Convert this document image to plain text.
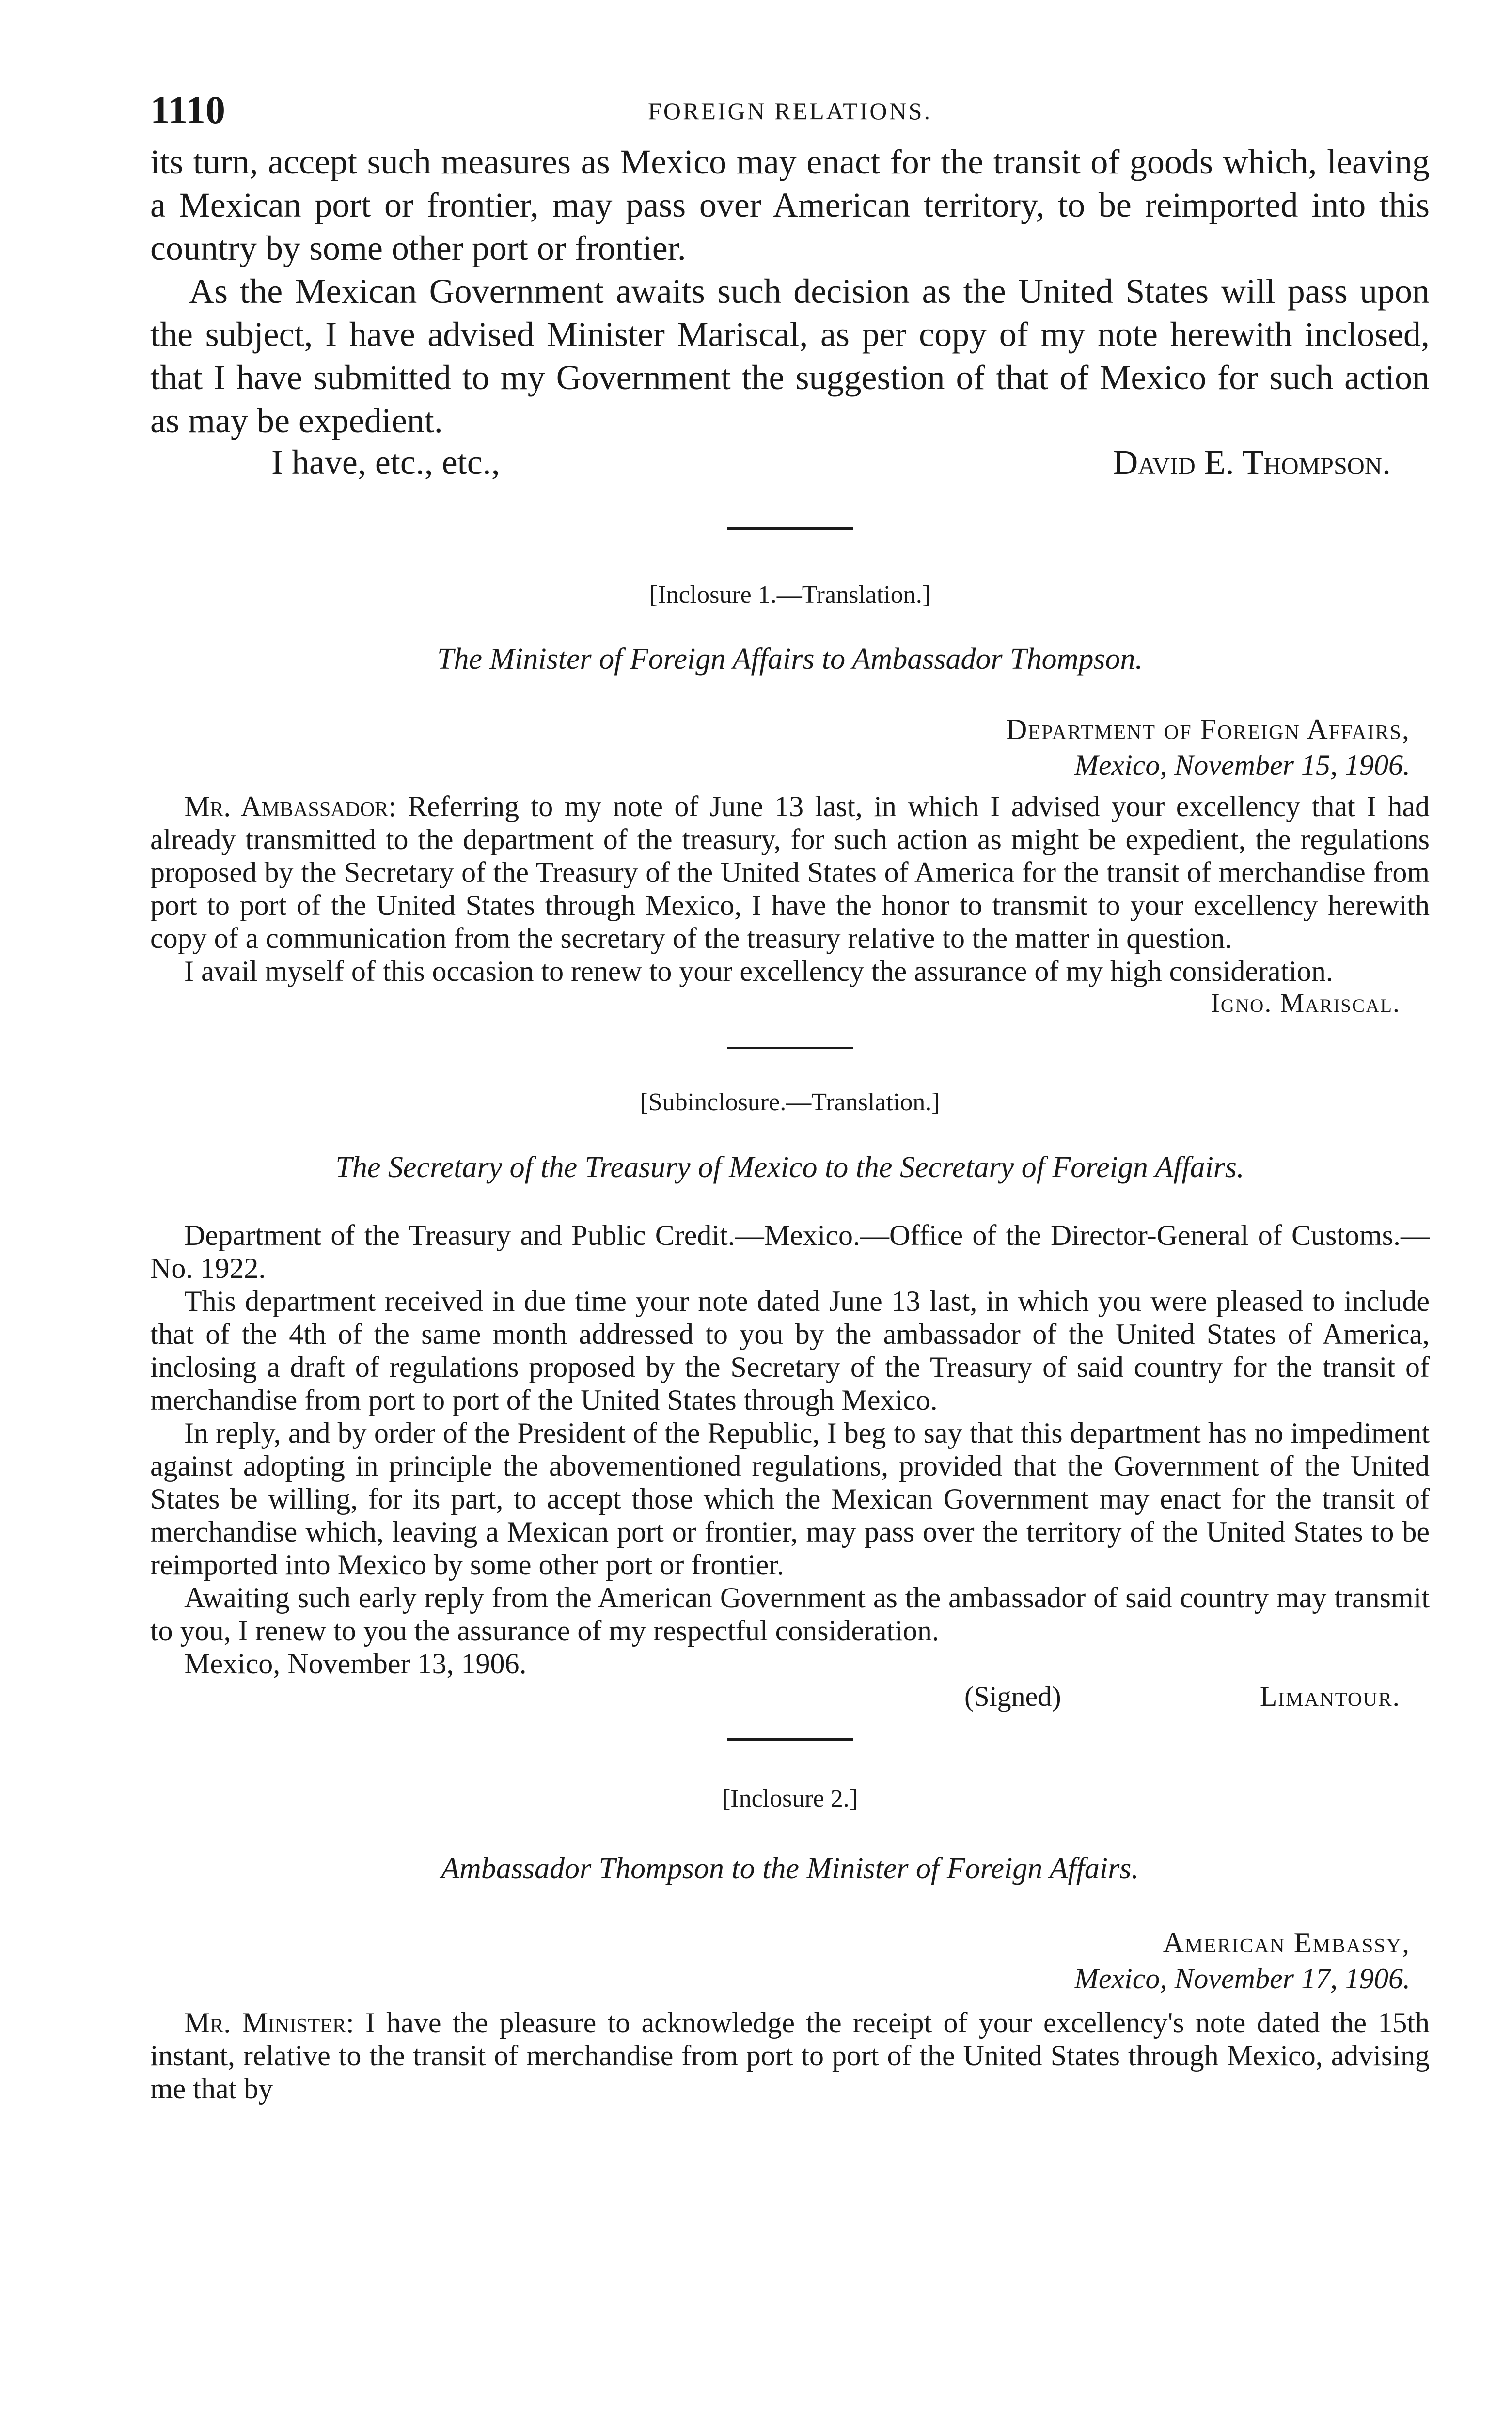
1110	FOREIGN RELATIONS.

its turn, accept such measures as Mexico may enact for the transit of goods which, leaving a Mexican port or frontier, may pass over American territory, to be reimported into this country by some other port or frontier.

As the Mexican Government awaits such decision as the United States will pass upon the subject, I have advised Minister Mariscal, as per copy of my note herewith inclosed, that I have submitted to my Government the suggestion of that of Mexico for such action as may be expedient.

I have, etc., etc.,	David E. Thompson.

[Inclosure 1.—Translation.]

The Minister of Foreign Affairs to Ambassador Thompson.

Department of Foreign Affairs,
Mexico, November 15, 1906.

Mr. Ambassador: Referring to my note of June 13 last, in which I advised your excellency that I had already transmitted to the department of the treasury, for such action as might be expedient, the regulations proposed by the Secretary of the Treasury of the United States of America for the transit of merchandise from port to port of the United States through Mexico, I have the honor to transmit to your excellency herewith copy of a communication from the secretary of the treasury relative to the matter in question.

I avail myself of this occasion to renew to your excellency the assurance of my high consideration.

Igno. Mariscal.

[Subinclosure.—Translation.]

The Secretary of the Treasury of Mexico to the Secretary of Foreign Affairs.

Department of the Treasury and Public Credit.—Mexico.—Office of the Director-General of Customs.—No. 1922.

This department received in due time your note dated June 13 last, in which you were pleased to include that of the 4th of the same month addressed to you by the ambassador of the United States of America, inclosing a draft of regulations proposed by the Secretary of the Treasury of said country for the transit of merchandise from port to port of the United States through Mexico.

In reply, and by order of the President of the Republic, I beg to say that this department has no impediment against adopting in principle the abovementioned regulations, provided that the Government of the United States be willing, for its part, to accept those which the Mexican Government may enact for the transit of merchandise which, leaving a Mexican port or frontier, may pass over the territory of the United States to be reimported into Mexico by some other port or frontier.

Awaiting such early reply from the American Government as the ambassador of said country may transmit to you, I renew to you the assurance of my respectful consideration.

Mexico, November 13, 1906.

(Signed)	Limantour.

[Inclosure 2.]

Ambassador Thompson to the Minister of Foreign Affairs.

American Embassy,
Mexico, November 17, 1906.

Mr. Minister: I have the pleasure to acknowledge the receipt of your excellency's note dated the 15th instant, relative to the transit of merchandise from port to port of the United States through Mexico, advising me that by
